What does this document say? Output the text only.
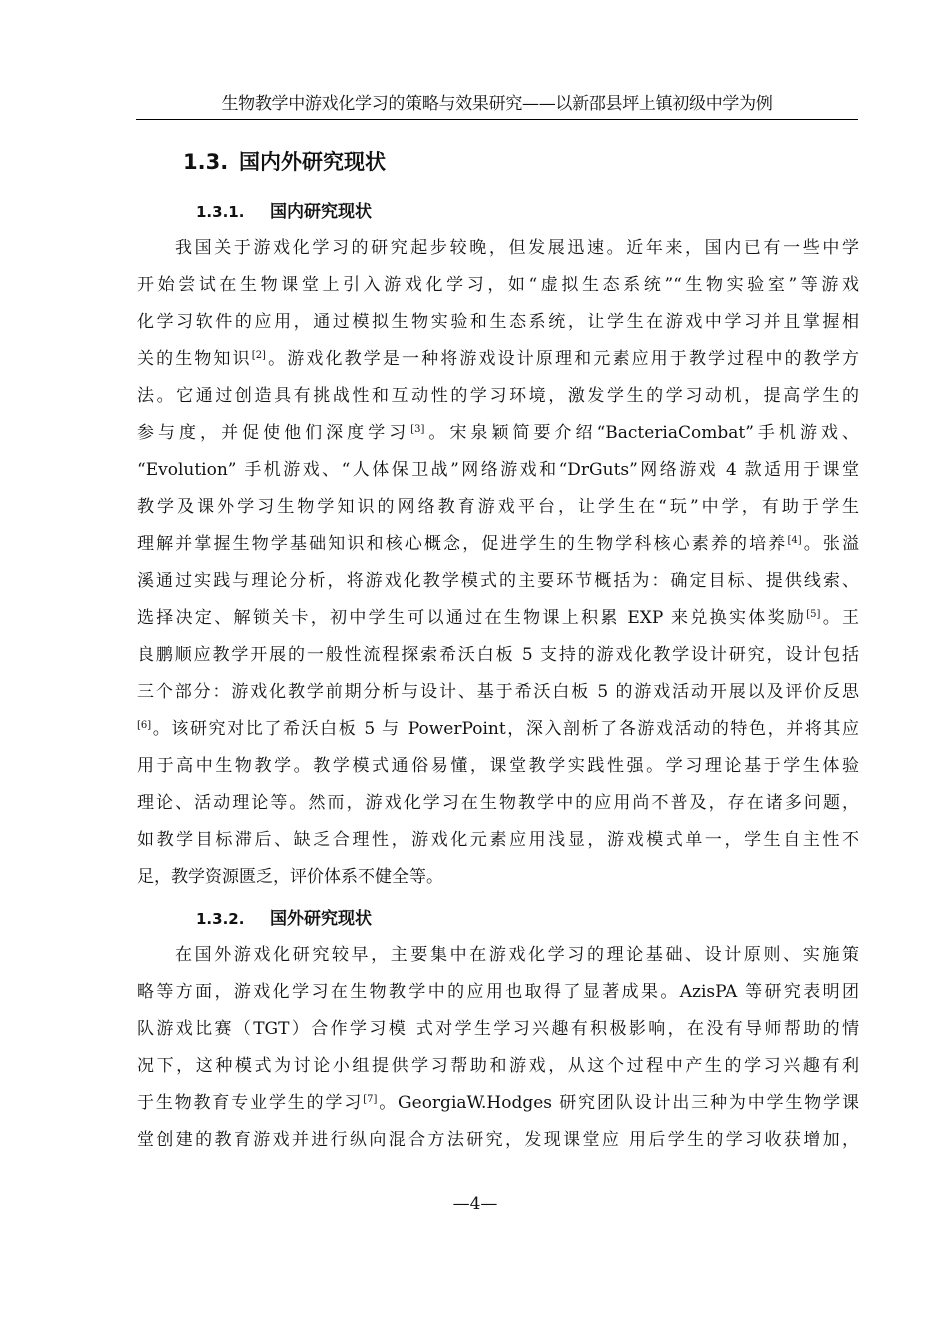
生物教学中游戏化学习的策略与效果研究——以新邵县坪上镇初级中学为例
1.3. 国内外研究现状
1.3.1. 国内研究现状
我国关于游戏化学习的研究起步较晚，但发展迅速。近年来，国内已有一些中学
开始尝试在生物课堂上引入游戏化学习，如“虚拟生态系统”“生物实验室”等游戏
化学习软件的应用，通过模拟生物实验和生态系统，让学生在游戏中学习并且掌握相
关的生物知识[2]。游戏化教学是一种将游戏设计原理和元素应用于教学过程中的教学方
法。它通过创造具有挑战性和互动性的学习环境，激发学生的学习动机，提高学生的
参与度，并促使他们深度学习[3]。宋泉颖简要介绍“BacteriaCombat”手机游戏、
“Evolution” 手机游戏、“人体保卫战”网络游戏和“DrGuts”网络游戏 4 款适用于课堂
教学及课外学习生物学知识的网络教育游戏平台，让学生在“玩”中学，有助于学生
理解并掌握生物学基础知识和核心概念，促进学生的生物学科核心素养的培养[4]。张溢
溪通过实践与理论分析，将游戏化教学模式的主要环节概括为：确定目标、提供线索、
选择决定、解锁关卡，初中学生可以通过在生物课上积累 EXP 来兑换实体奖励[5]。王
良鹏顺应教学开展的一般性流程探索希沃白板 5 支持的游戏化教学设计研究，设计包括
三个部分：游戏化教学前期分析与设计、基于希沃白板 5 的游戏活动开展以及评价反思
[6]。该研究对比了希沃白板 5 与 PowerPoint，深入剖析了各游戏活动的特色，并将其应
用于高中生物教学。教学模式通俗易懂，课堂教学实践性强。学习理论基于学生体验
理论、活动理论等。然而，游戏化学习在生物教学中的应用尚不普及，存在诸多问题，
如教学目标滞后、缺乏合理性，游戏化元素应用浅显，游戏模式单一，学生自主性不
足，教学资源匮乏，评价体系不健全等。
1.3.2. 国外研究现状
在国外游戏化研究较早，主要集中在游戏化学习的理论基础、设计原则、实施策
略等方面，游戏化学习在生物教学中的应用也取得了显著成果。AzisPA 等研究表明团
队游戏比赛（TGT）合作学习模 式对学生学习兴趣有积极影响，在没有导师帮助的情
况下，这种模式为讨论小组提供学习帮助和游戏，从这个过程中产生的学习兴趣有利
于生物教育专业学生的学习[7]。GeorgiaW.Hodges 研究团队设计出三种为中学生物学课
堂创建的教育游戏并进行纵向混合方法研究，发现课堂应 用后学生的学习收获增加，
—4—
